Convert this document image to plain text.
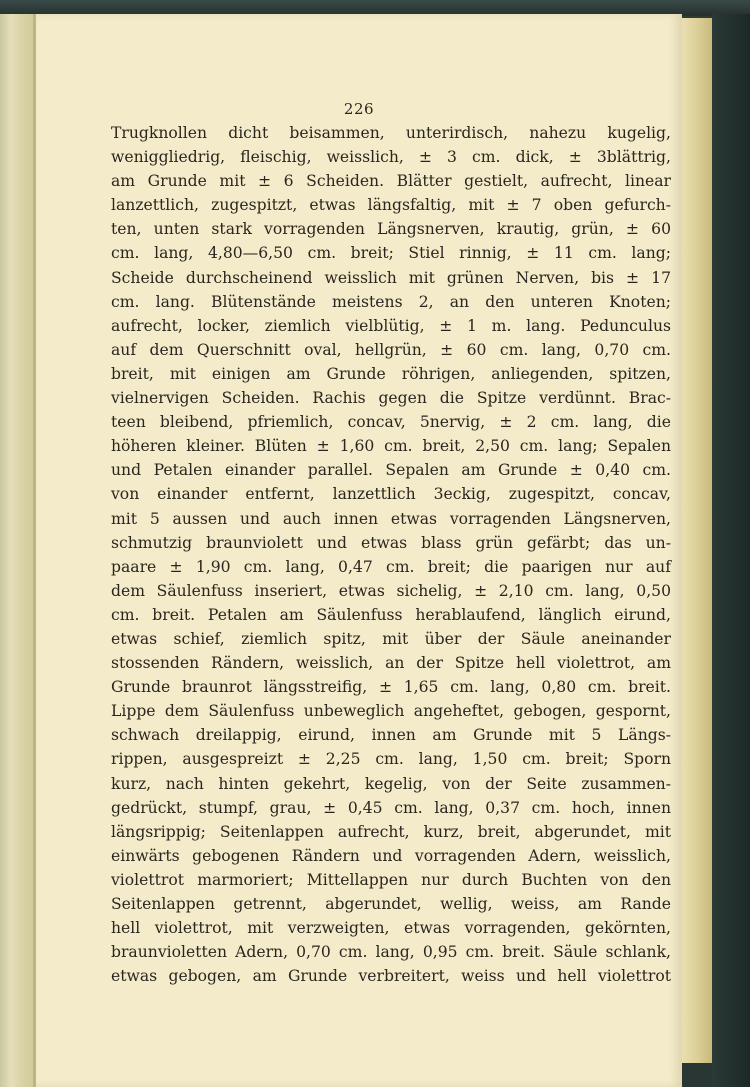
226
Trugknollen dicht beisammen, unterirdisch, nahezu kugelig,
weniggliedrig, fleischig, weisslich, ± 3 cm. dick, ± 3blättrig,
am Grunde mit ± 6 Scheiden. Blätter gestielt, aufrecht, linear
lanzettlich, zugespitzt, etwas längsfaltig, mit ± 7 oben gefurch-
ten, unten stark vorragenden Längsnerven, krautig, grün, ± 60
cm. lang, 4,80—6,50 cm. breit; Stiel rinnig, ± 11 cm. lang;
Scheide durchscheinend weisslich mit grünen Nerven, bis ± 17
cm. lang. Blütenstände meistens 2, an den unteren Knoten;
aufrecht, locker, ziemlich vielblütig, ± 1 m. lang. Pedunculus
auf dem Querschnitt oval, hellgrün, ± 60 cm. lang, 0,70 cm.
breit, mit einigen am Grunde röhrigen, anliegenden, spitzen,
vielnervigen Scheiden. Rachis gegen die Spitze verdünnt. Brac-
teen bleibend, pfriemlich, concav, 5nervig, ± 2 cm. lang, die
höheren kleiner. Blüten ± 1,60 cm. breit, 2,50 cm. lang; Sepalen
und Petalen einander parallel. Sepalen am Grunde ± 0,40 cm.
von einander entfernt, lanzettlich 3eckig, zugespitzt, concav,
mit 5 aussen und auch innen etwas vorragenden Längsnerven,
schmutzig braunviolett und etwas blass grün gefärbt; das un-
paare ± 1,90 cm. lang, 0,47 cm. breit; die paarigen nur auf
dem Säulenfuss inseriert, etwas sichelig, ± 2,10 cm. lang, 0,50
cm. breit. Petalen am Säulenfuss herablaufend, länglich eirund,
etwas schief, ziemlich spitz, mit über der Säule aneinander
stossenden Rändern, weisslich, an der Spitze hell violettrot, am
Grunde braunrot längsstreifig, ± 1,65 cm. lang, 0,80 cm. breit.
Lippe dem Säulenfuss unbeweglich angeheftet, gebogen, gespornt,
schwach dreilappig, eirund, innen am Grunde mit 5 Längs-
rippen, ausgespreizt ± 2,25 cm. lang, 1,50 cm. breit; Sporn
kurz, nach hinten gekehrt, kegelig, von der Seite zusammen-
gedrückt, stumpf, grau, ± 0,45 cm. lang, 0,37 cm. hoch, innen
längsrippig; Seitenlappen aufrecht, kurz, breit, abgerundet, mit
einwärts gebogenen Rändern und vorragenden Adern, weisslich,
violettrot marmoriert; Mittellappen nur durch Buchten von den
Seitenlappen getrennt, abgerundet, wellig, weiss, am Rande
hell violettrot, mit verzweigten, etwas vorragenden, gekörnten,
braunvioletten Adern, 0,70 cm. lang, 0,95 cm. breit. Säule schlank,
etwas gebogen, am Grunde verbreitert, weiss und hell violettrot
